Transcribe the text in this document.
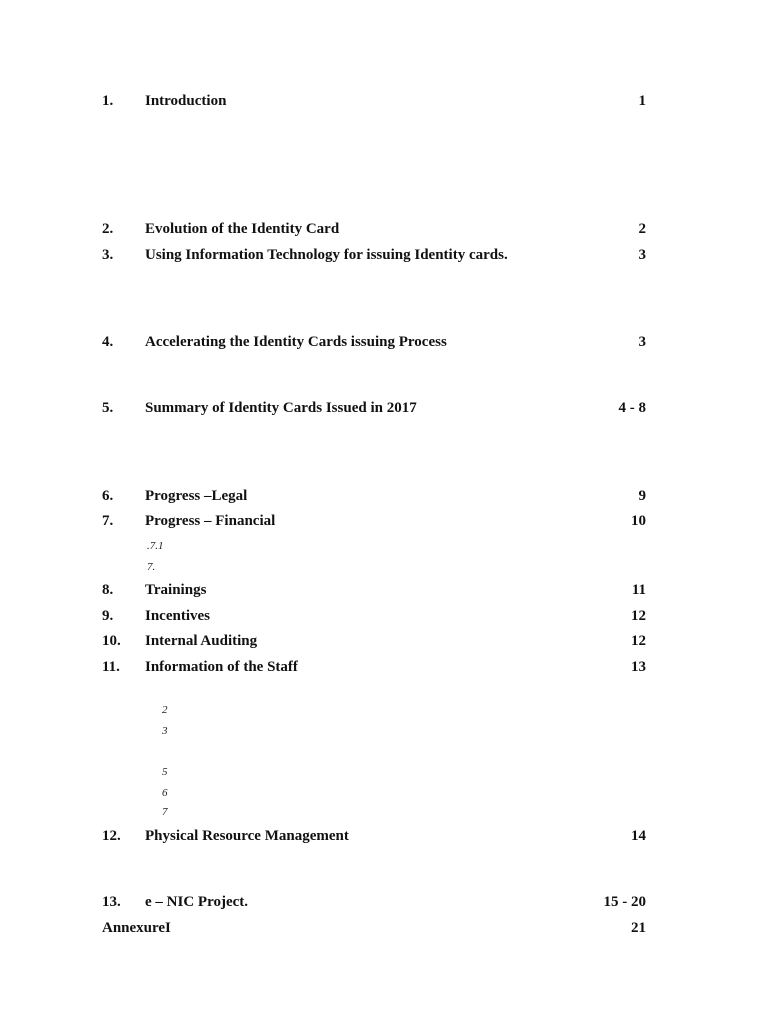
1. Introduction	1
2. Evolution of the Identity Card	2
3. Using Information Technology for issuing Identity cards.	3
4. Accelerating the Identity Cards issuing Process	3
5. Summary of Identity Cards Issued in 2017	4 - 8
6. Progress –Legal	9
7. Progress – Financial	10
.7.1
7.
8. Trainings	11
9. Incentives	12
10. Internal Auditing	12
11. Information of the Staff	13
2
3
5
6
7
12. Physical Resource Management	14
13. e – NIC Project.	15 - 20
AnnexureI	21
